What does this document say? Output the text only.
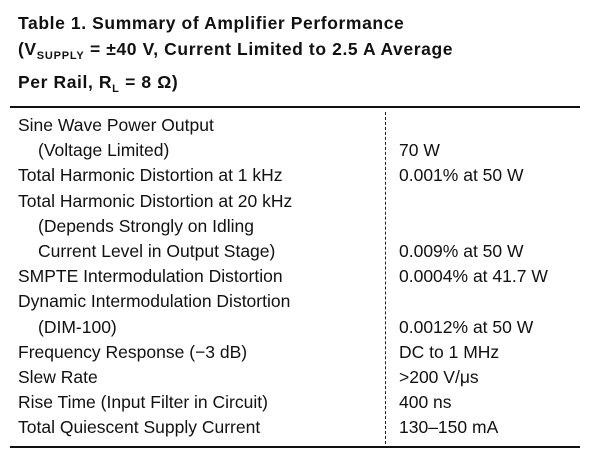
Table 1. Summary of Amplifier Performance
($V_{SUPPLY} = \pm 40$ V, Current Limited to 2.5 A Average
Per Rail, $R_L = 8$ Ω)
Sine Wave Power Output
(Voltage Limited)	70 W
Total Harmonic Distortion at 1 kHz	0.001% at 50 W
Total Harmonic Distortion at 20 kHz
(Depends Strongly on Idling
Current Level in Output Stage)	0.009% at 50 W
SMPTE Intermodulation Distortion	0.0004% at 41.7 W
Dynamic Intermodulation Distortion
(DIM-100)	0.0012% at 50 W
Frequency Response (−3 dB)	DC to 1 MHz
Slew Rate	>200 V/μs
Rise Time (Input Filter in Circuit)	400 ns
Total Quiescent Supply Current	130–150 mA
